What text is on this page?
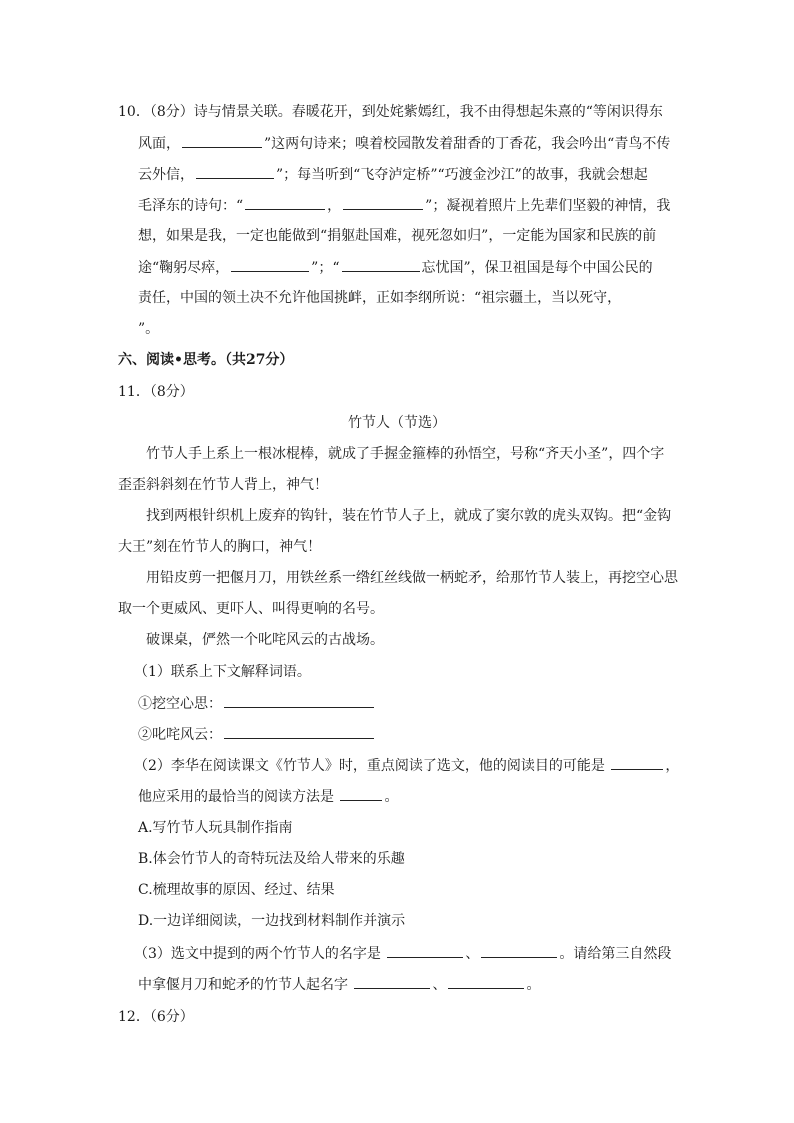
10．（8分）诗与情景关联。春暖花开，到处姹紫嫣红，我不由得想起朱熹的“等闲识得东
风面，	”这两句诗来；嗅着校园散发着甜香的丁香花，我会吟出“青鸟不传
云外信，	”；每当听到“飞夺泸定桥”“巧渡金沙江”的故事，我就会想起
毛泽东的诗句：“	，	”；凝视着照片上先辈们坚毅的神情，我
想，如果是我，一定也能做到“捐躯赴国难，视死忽如归”，一定能为国家和民族的前
途“鞠躬尽瘁，	”；“	忘忧国”，保卫祖国是每个中国公民的
责任，中国的领土决不允许他国挑衅，正如李纲所说：“祖宗疆土，当以死守，
”。
六、阅读•思考。（共27分）
11．（8分）
竹节人（节选）
竹节人手上系上一根冰棍棒，就成了手握金箍棒的孙悟空，号称“齐天小圣”，四个字
歪歪斜斜刻在竹节人背上，神气！
找到两根针织机上废弃的钩针，装在竹节人子上，就成了窦尔敦的虎头双钩。把“金钩
大王”刻在竹节人的胸口，神气！
用铅皮剪一把偃月刀，用铁丝系一绺红丝线做一柄蛇矛，给那竹节人装上，再挖空心思
取一个更威风、更吓人、叫得更响的名号。
破课桌，俨然一个叱咤风云的古战场。
（1）联系上下文解释词语。
①挖空心思：
②叱咤风云：
（2）李华在阅读课文《竹节人》时，重点阅读了选文，他的阅读目的可能是	，
他应采用的最恰当的阅读方法是	。
A.写竹节人玩具制作指南
B.体会竹节人的奇特玩法及给人带来的乐趣
C.梳理故事的原因、经过、结果
D.一边详细阅读，一边找到材料制作并演示
（3）选文中提到的两个竹节人的名字是	、	。请给第三自然段
中拿偃月刀和蛇矛的竹节人起名字	、	。
12．（6分）
